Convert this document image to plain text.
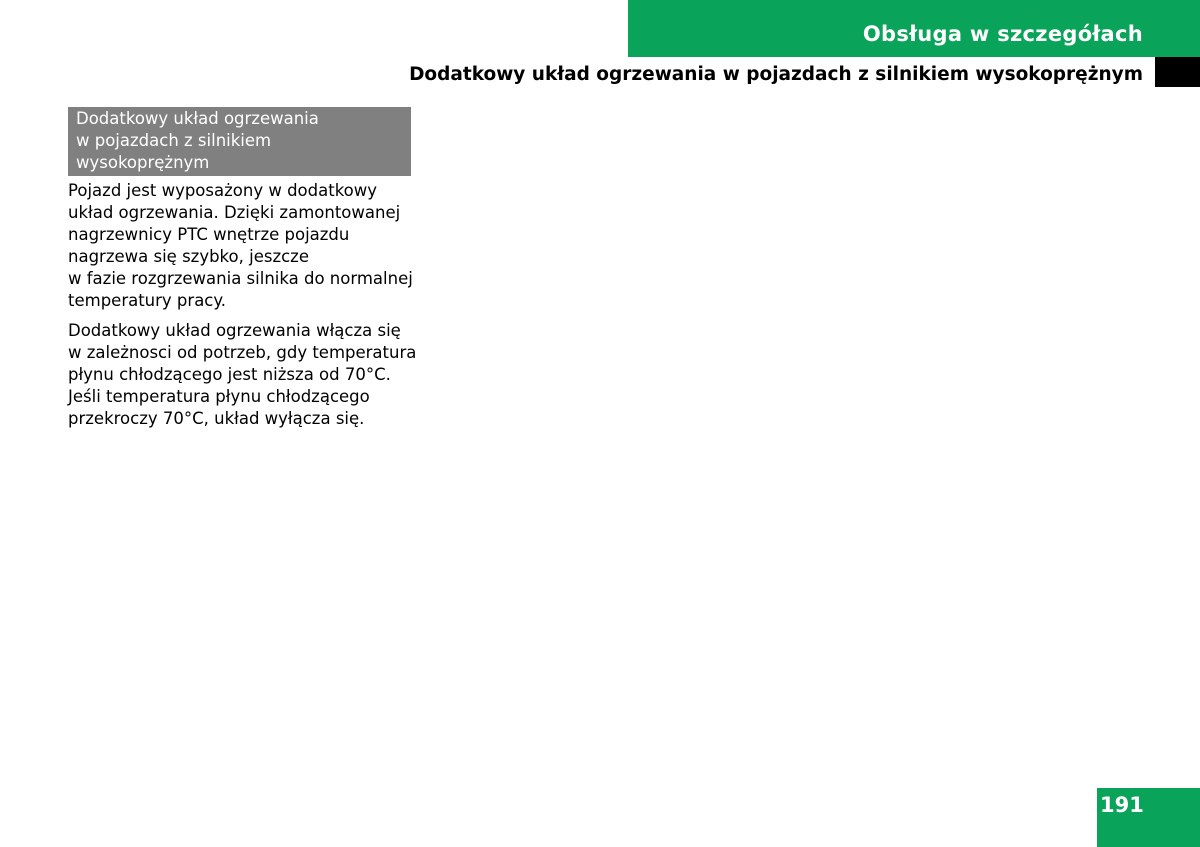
Obsługa w szczegółach
Dodatkowy układ ogrzewania w pojazdach z silnikiem wysokoprężnym
Dodatkowy układ ogrzewania
w pojazdach z silnikiem
wysokoprężnym

Pojazd jest wyposażony w dodatkowy
układ ogrzewania. Dzięki zamontowanej
nagrzewnicy PTC wnętrze pojazdu
nagrzewa się szybko, jeszcze
w fazie rozgrzewania silnika do normalnej
temperatury pracy.

Dodatkowy układ ogrzewania włącza się
w zależnosci od potrzeb, gdy temperatura
płynu chłodzącego jest niższa od 70°C.
Jeśli temperatura płynu chłodzącego
przekroczy 70°C, układ wyłącza się.

191
